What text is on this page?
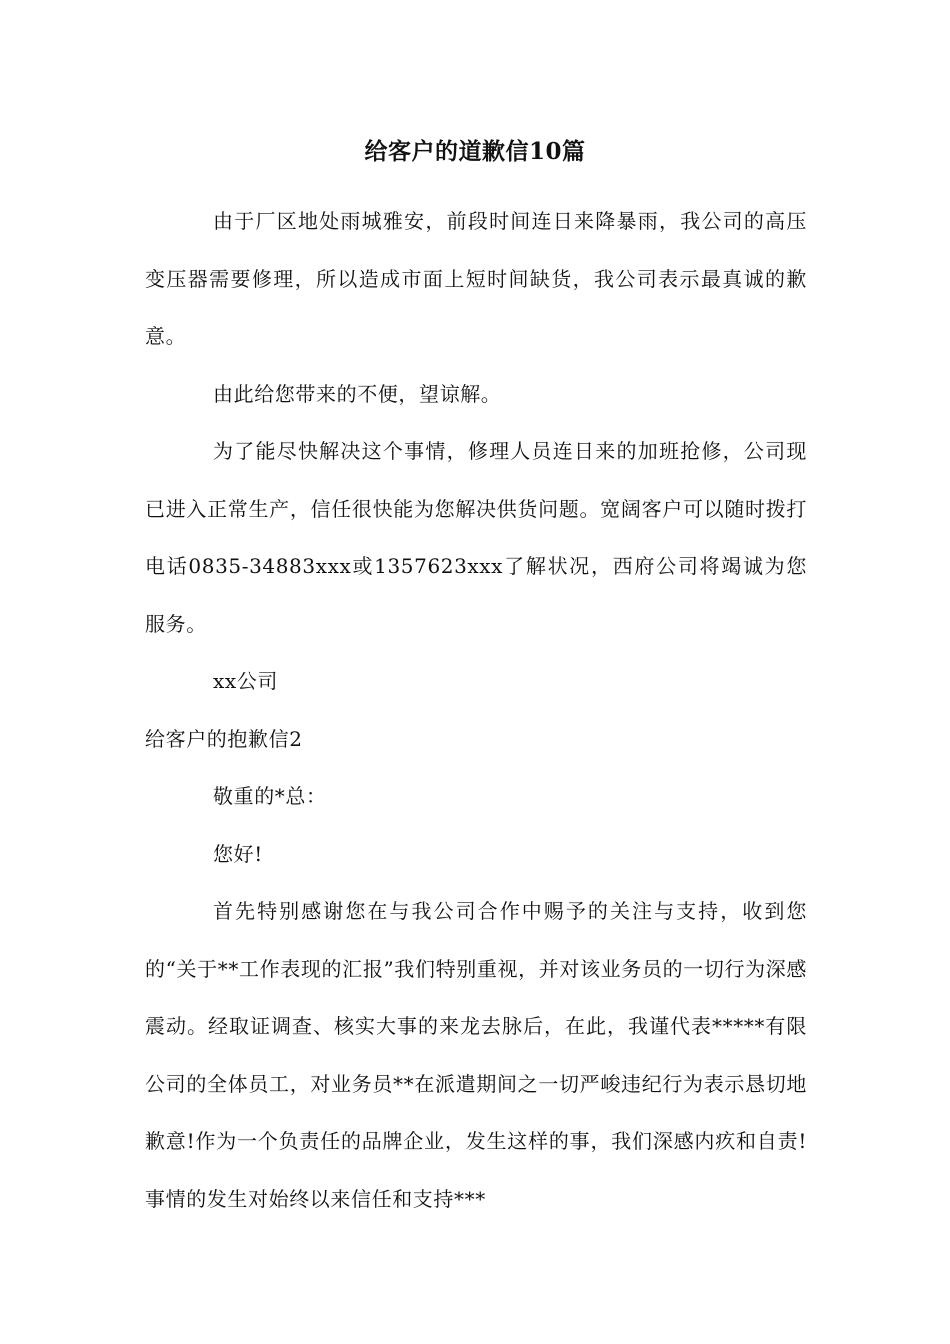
给客户的道歉信10篇

由于厂区地处雨城雅安，前段时间连日来降暴雨，我公司的高压变压器需要修理，所以造成市面上短时间缺货，我公司表示最真诚的歉意。

由此给您带来的不便，望谅解。

为了能尽快解决这个事情，修理人员连日来的加班抢修，公司现已进入正常生产，信任很快能为您解决供货问题。宽阔客户可以随时拨打电话0835-34883xxx或1357623xxx了解状况，西府公司将竭诚为您服务。

xx公司

给客户的抱歉信2

敬重的*总：

您好!

首先特别感谢您在与我公司合作中赐予的关注与支持，收到您的“关于**工作表现的汇报”我们特别重视，并对该业务员的一切行为深感震动。经取证调查、核实大事的来龙去脉后，在此，我谨代表*****有限公司的全体员工，对业务员**在派遣期间之一切严峻违纪行为表示恳切地歉意!作为一个负责任的品牌企业，发生这样的事，我们深感内疚和自责!事情的发生对始终以来信任和支持***
